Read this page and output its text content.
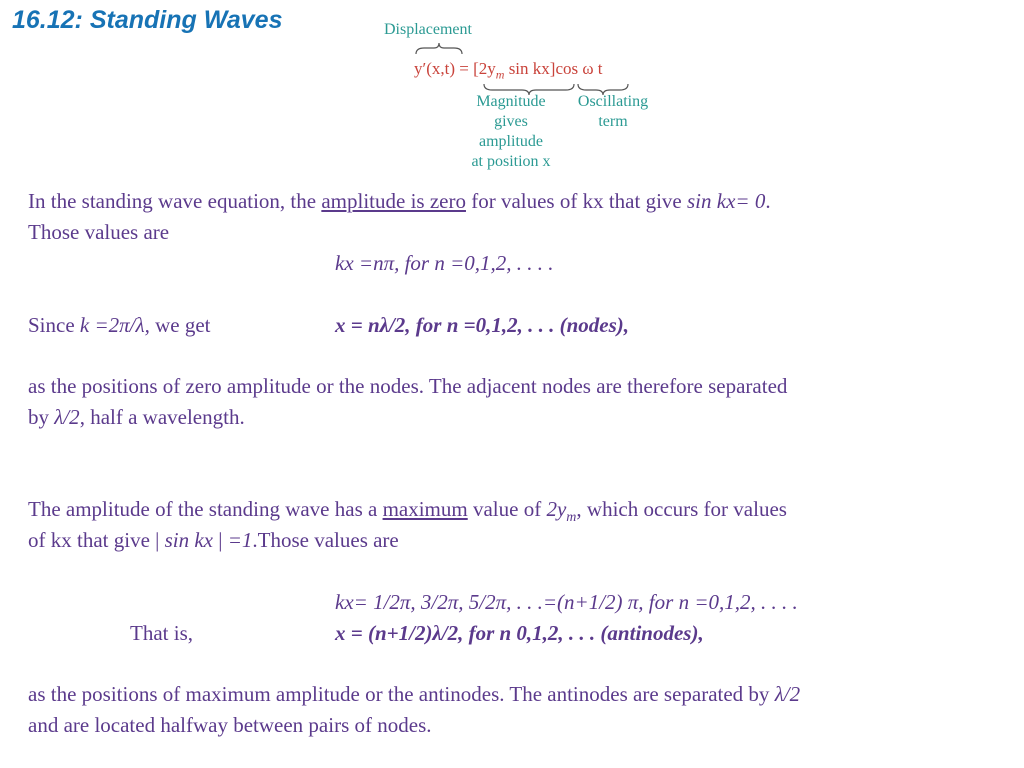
16.12: Standing Waves	Displacement
$y'(x,t) = [2y_m$ sin kx]cos ω t
Magnitude
gives
amplitude
at position x
Oscillating
term
In the standing wave equation, the amplitude is zero for values of kx that give sin kx= 0.
Those values are
kx =nπ, for n =0,1,2, . . . .
Since k =2π/λ, we get	x = nλ/2, for n =0,1,2, . . . (nodes),
as the positions of zero amplitude or the nodes. The adjacent nodes are therefore separated
by λ/2, half a wavelength.
The amplitude of the standing wave has a maximum value of $2y_m$, which occurs for values
of kx that give | sin kx | =1.Those values are
kx= 1/2π, 3/2π, 5/2π, . . .=(n+1/2) π, for n =0,1,2, . . . .
That is,	x = (n+1/2)λ/2, for n 0,1,2, . . . (antinodes),
as the positions of maximum amplitude or the antinodes. The antinodes are separated by λ/2
and are located halfway between pairs of nodes.
